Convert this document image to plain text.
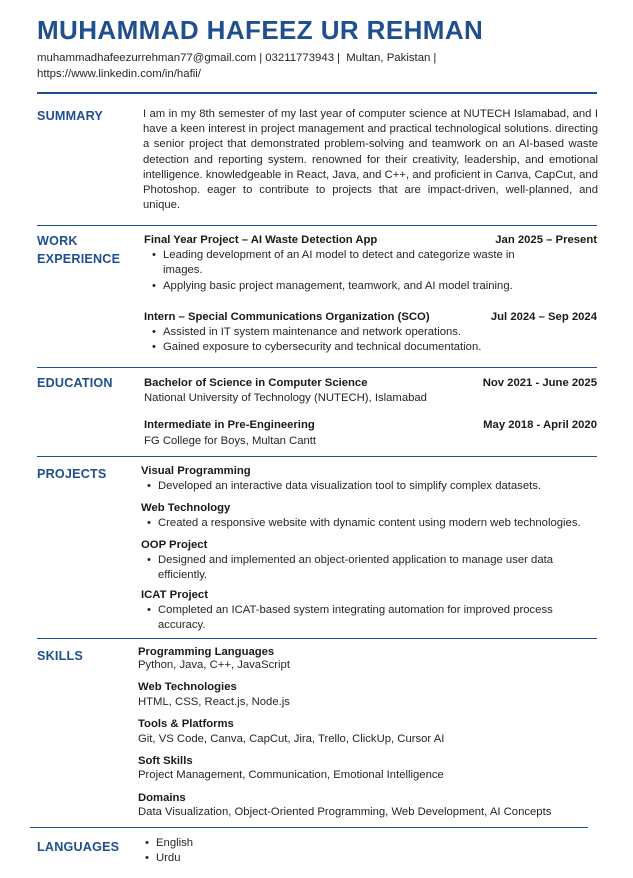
MUHAMMAD HAFEEZ UR REHMAN
muhammadhafeezurrehman77@gmail.com | 03211773943 | Multan, Pakistan |
https://www.linkedin.com/in/hafii/
SUMMARY	I am in my 8th semester of my last year of computer science at NUTECH Islamabad, and I have a keen interest in project management and practical technological solutions. directing a senior project that demonstrated problem-solving and teamwork on an AI-based waste detection and reporting system. renowned for their creativity, leadership, and emotional intelligence. knowledgeable in React, Java, and C++, and proficient in Canva, CapCut, and Photoshop. eager to contribute to projects that are impact-driven, well-planned, and unique.
WORK
EXPERIENCE
Final Year Project – AI Waste Detection App	Jan 2025 – Present
• Leading development of an AI model to detect and categorize waste in images.
• Applying basic project management, teamwork, and AI model training.
Intern – Special Communications Organization (SCO)	Jul 2024 – Sep 2024
• Assisted in IT system maintenance and network operations.
• Gained exposure to cybersecurity and technical documentation.
EDUCATION	Bachelor of Science in Computer Science	Nov 2021 - June 2025
National University of Technology (NUTECH), Islamabad
Intermediate in Pre-Engineering	May 2018 - April 2020
FG College for Boys, Multan Cantt
PROJECTS	Visual Programming
• Developed an interactive data visualization tool to simplify complex datasets.
Web Technology
• Created a responsive website with dynamic content using modern web technologies.
OOP Project
• Designed and implemented an object-oriented application to manage user data efficiently.
ICAT Project
• Completed an ICAT-based system integrating automation for improved process accuracy.
SKILLS	Programming Languages
Python, Java, C++, JavaScript
Web Technologies
HTML, CSS, React.js, Node.js
Tools & Platforms
Git, VS Code, Canva, CapCut, Jira, Trello, ClickUp, Cursor AI
Soft Skills
Project Management, Communication, Emotional Intelligence
Domains
Data Visualization, Object-Oriented Programming, Web Development, AI Concepts
LANGUAGES
•	English
• Urdu
